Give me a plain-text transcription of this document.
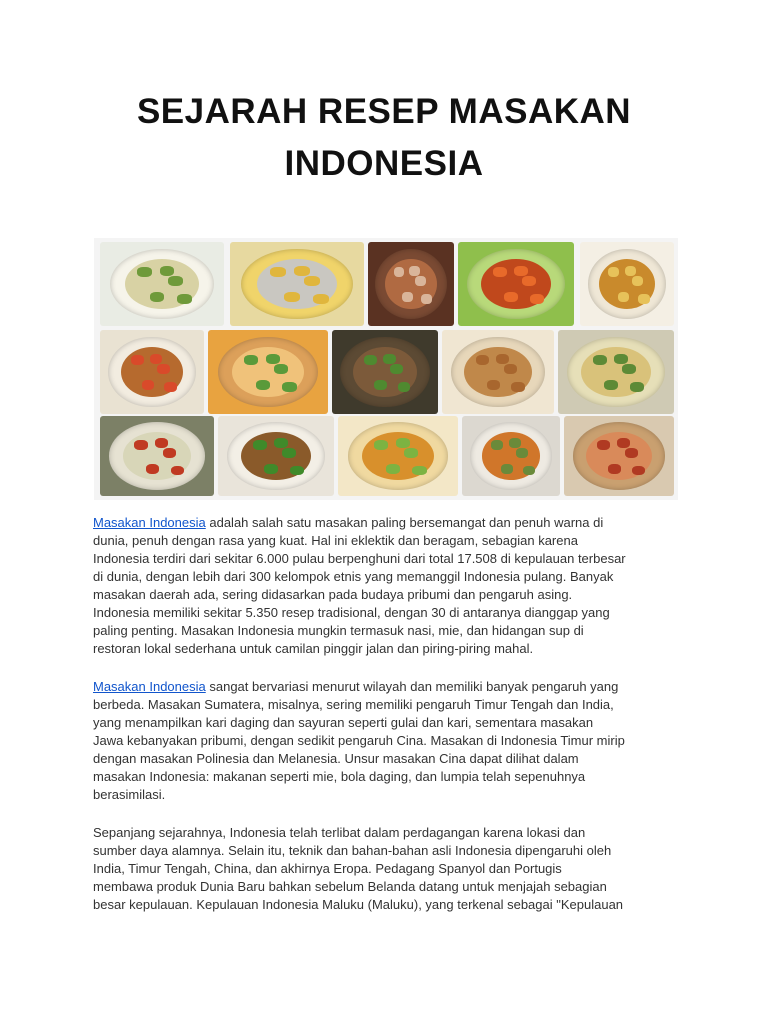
SEJARAH RESEP MASAKAN
INDONESIA

Masakan Indonesia adalah salah satu masakan paling bersemangat dan penuh warna di
dunia, penuh dengan rasa yang kuat. Hal ini eklektik dan beragam, sebagian karena
Indonesia terdiri dari sekitar 6.000 pulau berpenghuni dari total 17.508 di kepulauan terbesar
di dunia, dengan lebih dari 300 kelompok etnis yang memanggil Indonesia pulang. Banyak
masakan daerah ada, sering didasarkan pada budaya pribumi dan pengaruh asing.
Indonesia memiliki sekitar 5.350 resep tradisional, dengan 30 di antaranya dianggap yang
paling penting. Masakan Indonesia mungkin termasuk nasi, mie, dan hidangan sup di
restoran lokal sederhana untuk camilan pinggir jalan dan piring-piring mahal.

Masakan Indonesia sangat bervariasi menurut wilayah dan memiliki banyak pengaruh yang
berbeda. Masakan Sumatera, misalnya, sering memiliki pengaruh Timur Tengah dan India,
yang menampilkan kari daging dan sayuran seperti gulai dan kari, sementara masakan
Jawa kebanyakan pribumi, dengan sedikit pengaruh Cina. Masakan di Indonesia Timur mirip
dengan masakan Polinesia dan Melanesia. Unsur masakan Cina dapat dilihat dalam
masakan Indonesia: makanan seperti mie, bola daging, dan lumpia telah sepenuhnya
berasimilasi.

Sepanjang sejarahnya, Indonesia telah terlibat dalam perdagangan karena lokasi dan
sumber daya alamnya. Selain itu, teknik dan bahan-bahan asli Indonesia dipengaruhi oleh
India, Timur Tengah, China, dan akhirnya Eropa. Pedagang Spanyol dan Portugis
membawa produk Dunia Baru bahkan sebelum Belanda datang untuk menjajah sebagian
besar kepulauan. Kepulauan Indonesia Maluku (Maluku), yang terkenal sebagai "Kepulauan
